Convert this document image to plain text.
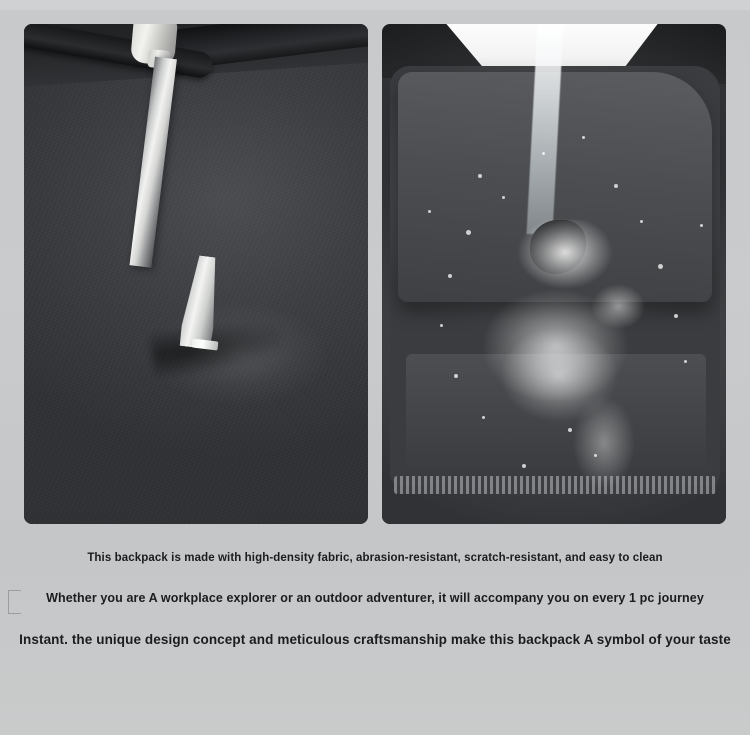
This backpack is made with high-density fabric, abrasion-resistant, scratch-resistant, and easy to clean
Whether you are A workplace explorer or an outdoor adventurer, it will accompany you on every 1 pc journey
Instant. the unique design concept and meticulous craftsmanship make this backpack A symbol of your taste
